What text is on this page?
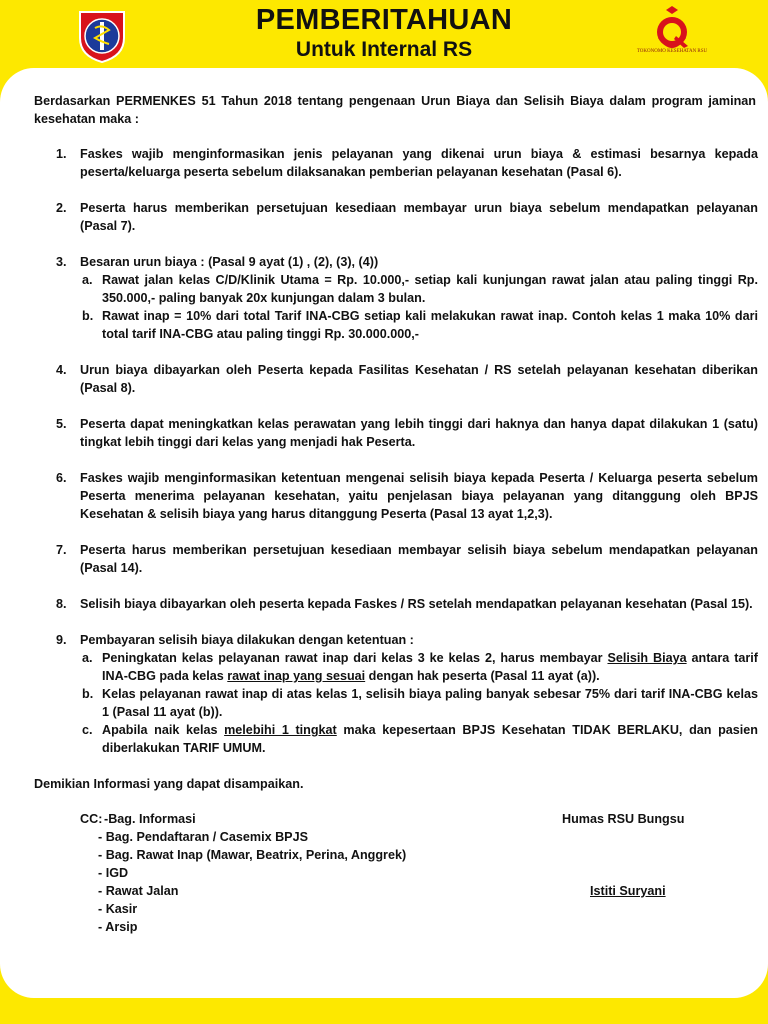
PEMBERITAHUAN
Untuk Internal RS	TOKONOMO KESEHATAN RSU

Berdasarkan PERMENKES 51 Tahun 2018 tentang pengenaan Urun Biaya dan Selisih Biaya dalam program jaminan kesehatan maka :

1.	Faskes wajib menginformasikan jenis pelayanan yang dikenai urun biaya & estimasi besarnya kepada peserta/keluarga peserta sebelum dilaksanakan pemberian pelayanan kesehatan (Pasal 6).
2.	Peserta harus memberikan persetujuan kesediaan membayar urun biaya sebelum mendapatkan pelayanan (Pasal 7).
3.	Besaran urun biaya : (Pasal 9 ayat (1) , (2), (3), (4))
a. Rawat jalan kelas C/D/Klinik Utama = Rp. 10.000,- setiap kali kunjungan rawat jalan atau paling tinggi Rp. 350.000,- paling banyak 20x kunjungan dalam 3 bulan.
b. Rawat inap = 10% dari total Tarif INA-CBG setiap kali melakukan rawat inap. Contoh kelas 1 maka 10% dari total tarif INA-CBG atau paling tinggi Rp. 30.000.000,-
4.	Urun biaya dibayarkan oleh Peserta kepada Fasilitas Kesehatan / RS setelah pelayanan kesehatan diberikan (Pasal 8).
5.	Peserta dapat meningkatkan kelas perawatan yang lebih tinggi dari haknya dan hanya dapat dilakukan 1 (satu) tingkat lebih tinggi dari kelas yang menjadi hak Peserta.
6.	Faskes wajib menginformasikan ketentuan mengenai selisih biaya kepada Peserta / Keluarga peserta sebelum Peserta menerima pelayanan kesehatan, yaitu penjelasan biaya pelayanan yang ditanggung oleh BPJS Kesehatan & selisih biaya yang harus ditanggung Peserta (Pasal 13 ayat 1,2,3).
7.	Peserta harus memberikan persetujuan kesediaan membayar selisih biaya sebelum mendapatkan pelayanan (Pasal 14).
8.	Selisih biaya dibayarkan oleh peserta kepada Faskes / RS setelah mendapatkan pelayanan kesehatan (Pasal 15).
9.	Pembayaran selisih biaya dilakukan dengan ketentuan :
a. Peningkatan kelas pelayanan rawat inap dari kelas 3 ke kelas 2, harus membayar Selisih Biaya antara tarif INA-CBG pada kelas rawat inap yang sesuai dengan hak peserta (Pasal 11 ayat (a)).
b. Kelas pelayanan rawat inap di atas kelas 1, selisih biaya paling banyak sebesar 75% dari tarif INA-CBG kelas 1 (Pasal 11 ayat (b)).
c. Apabila naik kelas melebihi 1 tingkat maka kepesertaan BPJS Kesehatan TIDAK BERLAKU, dan pasien diberlakukan TARIF UMUM.

Demikian Informasi yang dapat disampaikan.

CC: -Bag. Informasi
- Bag. Pendaftaran / Casemix BPJS
- Bag. Rawat Inap (Mawar, Beatrix, Perina, Anggrek)
- IGD
- Rawat Jalan
- Kasir
- Arsip
Humas RSU Bungsu
Istiti Suryani
